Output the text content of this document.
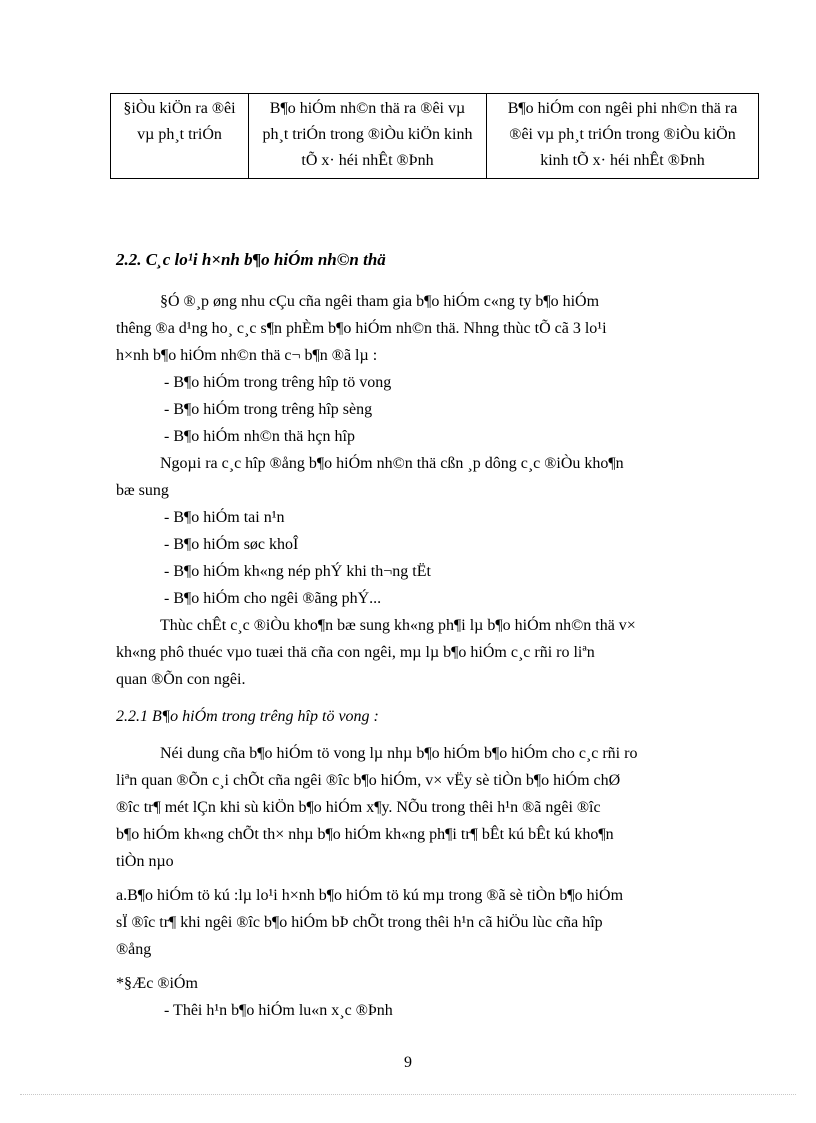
§iÒu kiÖn ra ®êi vµ ph¸t triÓn	B¶o hiÓm nh©n thä ra ®êi vµ ph¸t triÓn trong ®iÒu kiÖn kinh tÕ x· héi nhÊt ®Þnh	B¶o hiÓm con ngêi phi nh©n thä ra ®êi vµ ph¸t triÓn trong ®iÒu kiÖn kinh tÕ x· héi nhÊt ®Þnh
2.2. C¸c lo¹i h×nh b¶o hiÓm nh©n thä

§Ó ®¸p øng nhu cÇu cña ngêi tham gia b¶o hiÓm c«ng ty b¶o hiÓm

thêng ®a d¹ng ho¸ c¸c s¶n phÈm b¶o hiÓm nh©n thä. Nhng thùc tÕ cã 3 lo¹i

h×nh b¶o hiÓm nh©n thä c¬ b¶n ®ã lµ :

- B¶o hiÓm trong trêng hîp tö vong

- B¶o hiÓm trong trêng hîp sèng

- B¶o hiÓm nh©n thä hçn hîp

Ngoµi ra c¸c hîp ®ång b¶o hiÓm nh©n thä cßn ¸p dông c¸c ®iÒu kho¶n

bæ sung

- B¶o hiÓm tai n¹n

- B¶o hiÓm søc khoÎ

- B¶o hiÓm kh«ng nép phÝ khi th¬ng tËt

- B¶o hiÓm cho ngêi ®ãng phÝ...

Thùc chÊt c¸c ®iÒu kho¶n bæ sung kh«ng ph¶i lµ b¶o hiÓm nh©n thä v×

kh«ng phô thuéc vµo tuæi thä cña con ngêi, mµ lµ b¶o hiÓm c¸c rñi ro liªn

quan ®Õn con ngêi.

2.2.1 B¶o hiÓm trong trêng hîp tö vong :

Néi dung cña b¶o hiÓm tö vong lµ nhµ b¶o hiÓm b¶o hiÓm cho c¸c rñi ro

liªn quan ®Õn c¸i chÕt cña ngêi ®îc b¶o hiÓm, v× vËy sè tiÒn b¶o hiÓm chØ

®îc tr¶ mét lÇn khi sù kiÖn b¶o hiÓm x¶y. NÕu trong thêi h¹n ®ã ngêi ®îc

b¶o hiÓm kh«ng chÕt th× nhµ b¶o hiÓm kh«ng ph¶i tr¶ bÊt kú bÊt kú kho¶n

tiÒn nµo

a.B¶o hiÓm tö kú :lµ lo¹i h×nh b¶o hiÓm tö kú mµ trong ®ã sè tiÒn b¶o hiÓm

sÏ ®îc tr¶ khi ngêi ®îc b¶o hiÓm bÞ chÕt trong thêi h¹n cã hiÖu lùc cña hîp

®ång

*§Æc ®iÓm

- Thêi h¹n b¶o hiÓm lu«n x¸c ®Þnh

9
